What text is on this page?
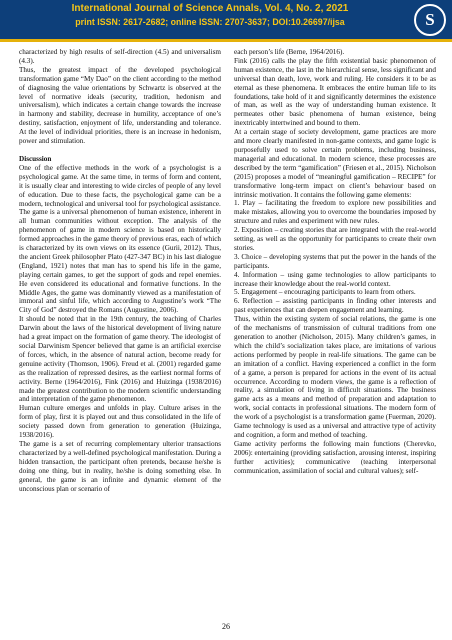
International Journal of Science Annals, Vol. 4, No. 2, 2021
print ISSN: 2617-2682; online ISSN: 2707-3637; DOI:10.26697/ijsa	S

characterized by high results of self-direction (4.5) and universalism (4.3).

Thus, the greatest impact of the developed psychological transformation game “My Dao” on the client according to the method of diagnosing the value orientations by Schwartz is observed at the level of normative ideals (security, tradition, hedonism and universalism), which indicates a certain change towards the increase in harmony and stability, decrease in humility, acceptance of one’s destiny, satisfaction, enjoyment of life, understanding and tolerance. At the level of individual priorities, there is an increase in hedonism, power and stimulation.

Discussion

One of the effective methods in the work of a psychologist is a psychological game. At the same time, in terms of form and content, it is usually clear and interesting to wide circles of people of any level of education. Due to these facts, the psychological game can be a modern, technological and universal tool for psychological assistance.

The game is a universal phenomenon of human existence, inherent in all human communities without exception. The analysis of the phenomenon of game in modern science is based on historically formed approaches in the game theory of previous eras, each of which is characterized by its own views on its essence (Gurii, 2012). Thus, the ancient Greek philosopher Plato (427-347 BC) in his last dialogue (England, 1921) notes that man has to spend his life in the game, playing certain games, to get the support of gods and repel enemies. He even considered its educational and formative functions. In the Middle Ages, the game was dominantly viewed as a manifestation of immoral and sinful life, which according to Augustine’s work “The City of God” destroyed the Romans (Augustine, 2006).

It should be noted that in the 19th century, the teaching of Charles Darwin about the laws of the historical development of living nature had a great impact on the formation of game theory. The ideologist of social Darwinism Spencer believed that game is an artificial exercise of forces, which, in the absence of natural action, become ready for genuine activity (Thomson, 1906). Freud et al. (2001) regarded game as the realization of repressed desires, as the earliest normal forms of activity. Berne (1964/2016), Fink (2016) and Huizinga (1938/2016) made the greatest contribution to the modern scientific understanding and interpretation of the game phenomenon.

Human culture emerges and unfolds in play. Culture arises in the form of play, first it is played out and thus consolidated in the life of society passed down from generation to generation (Huizinga, 1938/2016).

The game is a set of recurring complementary ulterior transactions characterized by a well-defined psychological manifestation. During a hidden transaction, the participant often pretends, because he/she is doing one thing, but in reality, he/she is doing something else. In general, the game is an infinite and dynamic element of the unconscious plan or scenario of

each person’s life (Berne, 1964/2016).

Fink (2016) calls the play the fifth existential basic phenomenon of human existence, the last in the hierarchical sense, less significant and universal than death, love, work and ruling. He considers it to be as eternal as these phenomena. It embraces the entire human life to its foundations, take hold of it and significantly determines the existence of man, as well as the way of understanding human existence. It permeates other basic phenomena of human existence, being inextricably intertwined and bound to them.

At a certain stage of society development, game practices are more and more clearly manifested in non-game contexts, and game logic is purposefully used to solve certain problems, including business, managerial and educational. In modern science, these processes are described by the term “gamification” (Friesen et al., 2015). Nicholson (2015) proposes a model of “meaningful gamification – RECIPE” for transformative long-term impact on client’s behaviour based on intrinsic motivation. It contains the following game elements:

1. Play – facilitating the freedom to explore new possibilities and make mistakes, allowing you to overcome the boundaries imposed by structure and rules and experiment with new rules.

2. Exposition – creating stories that are integrated with the real-world setting, as well as the opportunity for participants to create their own stories.

3. Choice – developing systems that put the power in the hands of the participants.

4. Information – using game technologies to allow participants to increase their knowledge about the real-world context.

5. Engagement – encouraging participants to learn from others.

6. Reflection – assisting participants in finding other interests and past experiences that can deepen engagement and learning.

Thus, within the existing system of social relations, the game is one of the mechanisms of transmission of cultural traditions from one generation to another (Nicholson, 2015). Many children’s games, in which the child’s socialization takes place, are imitations of various actions performed by people in real-life situations. The game can be an imitation of a conflict. Having experienced a conflict in the form of a game, a person is prepared for actions in the event of its actual occurrence. According to modern views, the game is a reflection of reality, a simulation of living in difficult situations. The business game acts as a means and method of preparation and adaptation to work, social contacts in professional situations. The modern form of the work of a psychologist is a transformation game (Fuerman, 2020). Game technology is used as a universal and attractive type of activity and cognition, a form and method of teaching.

Game activity performs the following main functions (Cherevko, 2006): entertaining (providing satisfaction, arousing interest, inspiring further activities); communicative (teaching interpersonal communication, assimilation of social and cultural values); self-

26
